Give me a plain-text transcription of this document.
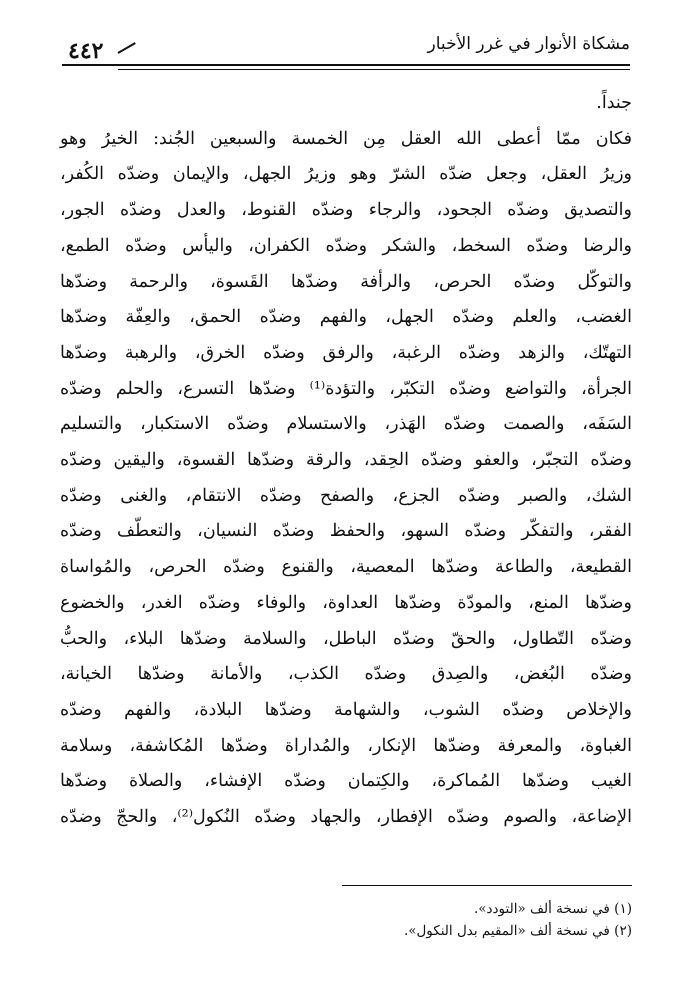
مشكاة الأنوار في غرر الأخبار
٤٤٢
جنداً.
فكان ممّا أعطى الله العقل مِن الخمسة والسبعين الجُند: الخيرُ وهو
وزيرُ العقل، وجعل ضدّه الشرّ وهو وزيرُ الجهل، والإيمان وضدّه الكُفر،
والتصديق وضدّه الجحود، والرجاء وضدّه القنوط، والعدل وضدّه الجور،
والرضا وضدّه السخط، والشكر وضدّه الكفران، واليأس وضدّه الطمع،
والتوكّل وضدّه الحرص، والرأفة وضدّها القَسوة، والرحمة وضدّها
الغضب، والعلم وضدّه الجهل، والفهم وضدّه الحمق، والعِفّة وضدّها
التهتّك، والزهد وضدّه الرغبة، والرفق وضدّه الخرق، والرهبة وضدّها
الجرأة، والتواضع وضدّه التكبّر، والتؤدة⁽¹⁾ وضدّها التسرع، والحلم وضدّه
السَفَه، والصمت وضدّه الهَذر، والاستسلام وضدّه الاستكبار، والتسليم
وضدّه التجبّر، والعفو وضدّه الحِقد، والرقة وضدّها القسوة، واليقين وضدّه
الشك، والصبر وضدّه الجزع، والصفح وضدّه الانتقام، والغنى وضدّه
الفقر، والتفكّر وضدّه السهو، والحفظ وضدّه النسيان، والتعطّف وضدّه
القطيعة، والطاعة وضدّها المعصية، والقنوع وضدّه الحرص، والمُواساة
وضدّها المنع، والمودّة وضدّها العداوة، والوفاء وضدّه الغدر، والخضوع
وضدّه التّطاول، والحقّ وضدّه الباطل، والسلامة وضدّها البلاء، والحبُّ
وضدّه البُغض، والصِدق وضدّه الكذب، والأمانة وضدّها الخيانة،
والإخلاص وضدّه الشوب، والشهامة وضدّها البلادة، والفهم وضدّه
الغباوة، والمعرفة وضدّها الإنكار، والمُداراة وضدّها المُكاشفة، وسلامة
الغيب وضدّها المُماكرة، والكِتمان وضدّه الإفشاء، والصلاة وضدّها
الإضاعة، والصوم وضدّه الإفطار، والجهاد وضدّه النُكول⁽²⁾، والحجّ وضدّه
(١) في نسخة ألف «التودد».
(٢) في نسخة ألف «المقيم بدل النكول».
